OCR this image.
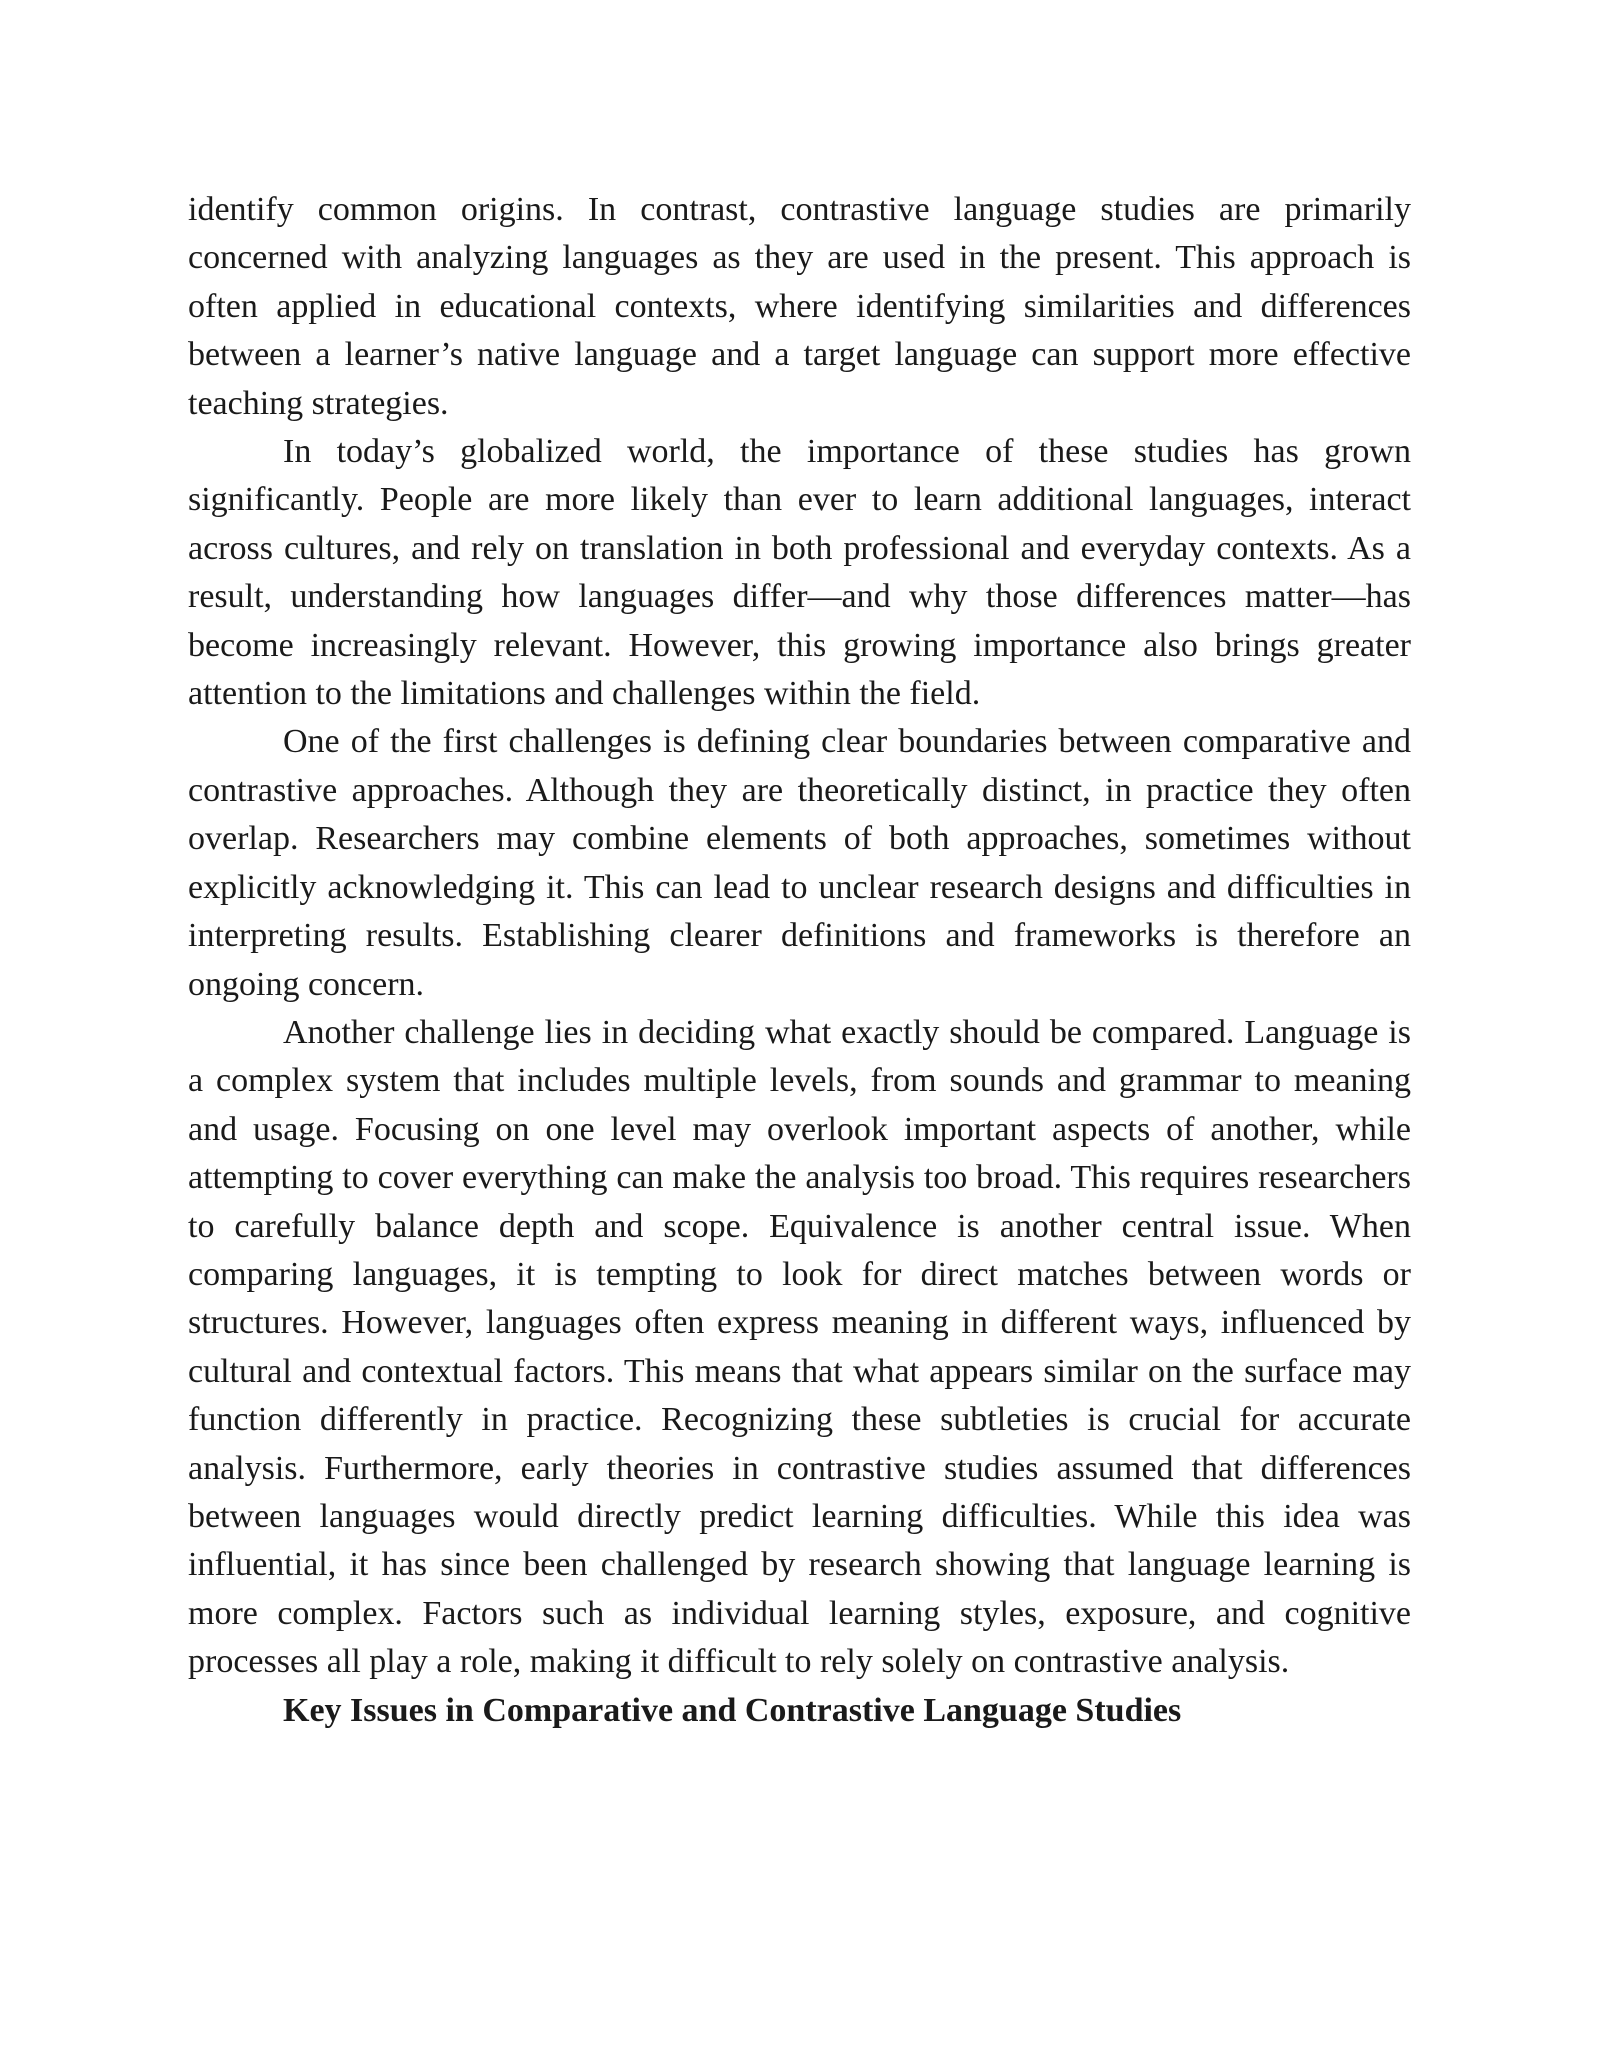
identify common origins. In contrast, contrastive language studies are primarily concerned with analyzing languages as they are used in the present. This approach is often applied in educational contexts, where identifying similarities and differences between a learner’s native language and a target language can support more effective teaching strategies.

In today’s globalized world, the importance of these studies has grown significantly. People are more likely than ever to learn additional languages, interact across cultures, and rely on translation in both professional and everyday contexts. As a result, understanding how languages differ—and why those differences matter—has become increasingly relevant. However, this growing importance also brings greater attention to the limitations and challenges within the field.

One of the first challenges is defining clear boundaries between comparative and contrastive approaches. Although they are theoretically distinct, in practice they often overlap. Researchers may combine elements of both approaches, sometimes without explicitly acknowledging it. This can lead to unclear research designs and difficulties in interpreting results. Establishing clearer definitions and frameworks is therefore an ongoing concern.

Another challenge lies in deciding what exactly should be compared. Language is a complex system that includes multiple levels, from sounds and grammar to meaning and usage. Focusing on one level may overlook important aspects of another, while attempting to cover everything can make the analysis too broad. This requires researchers to carefully balance depth and scope. Equivalence is another central issue. When comparing languages, it is tempting to look for direct matches between words or structures. However, languages often express meaning in different ways, influenced by cultural and contextual factors. This means that what appears similar on the surface may function differently in practice. Recognizing these subtleties is crucial for accurate analysis. Furthermore, early theories in contrastive studies assumed that differences between languages would directly predict learning difficulties. While this idea was influential, it has since been challenged by research showing that language learning is more complex. Factors such as individual learning styles, exposure, and cognitive processes all play a role, making it difficult to rely solely on contrastive analysis.

Key Issues in Comparative and Contrastive Language Studies
